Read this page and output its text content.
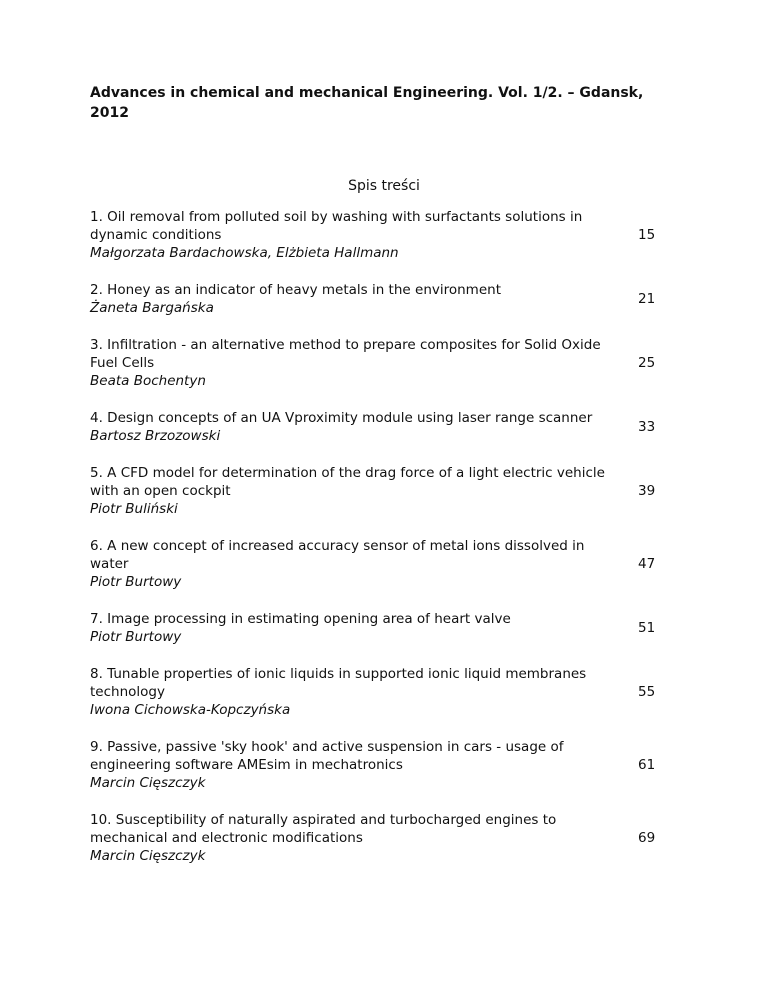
Advances in chemical and mechanical Engineering. Vol. 1/2. – Gdansk, 2012

Spis treści
1. Oil removal from polluted soil by washing with surfactants solutions in dynamic conditions
Małgorzata Bardachowska, Elżbieta Hallmann
15
2. Honey as an indicator of heavy metals in the environment
Żaneta Bargańska
21
3. Infiltration - an alternative method to prepare composites for Solid Oxide Fuel Cells
Beata Bochentyn
25
4. Design concepts of an UA Vproximity module using laser range scanner
Bartosz Brzozowski
33
5. A CFD model for determination of the drag force of a light electric vehicle with an open cockpit
Piotr Buliński
39
6. A new concept of increased accuracy sensor of metal ions dissolved in water
Piotr Burtowy
47
7. Image processing in estimating opening area of heart valve
Piotr Burtowy
51
8. Tunable properties of ionic liquids in supported ionic liquid membranes technology
Iwona Cichowska-Kopczyńska
55
9. Passive, passive 'sky hook' and active suspension in cars - usage of engineering software AMEsim in mechatronics
Marcin Cięszczyk
61
10. Susceptibility of naturally aspirated and turbocharged engines to mechanical and electronic modifications
Marcin Cięszczyk
69
